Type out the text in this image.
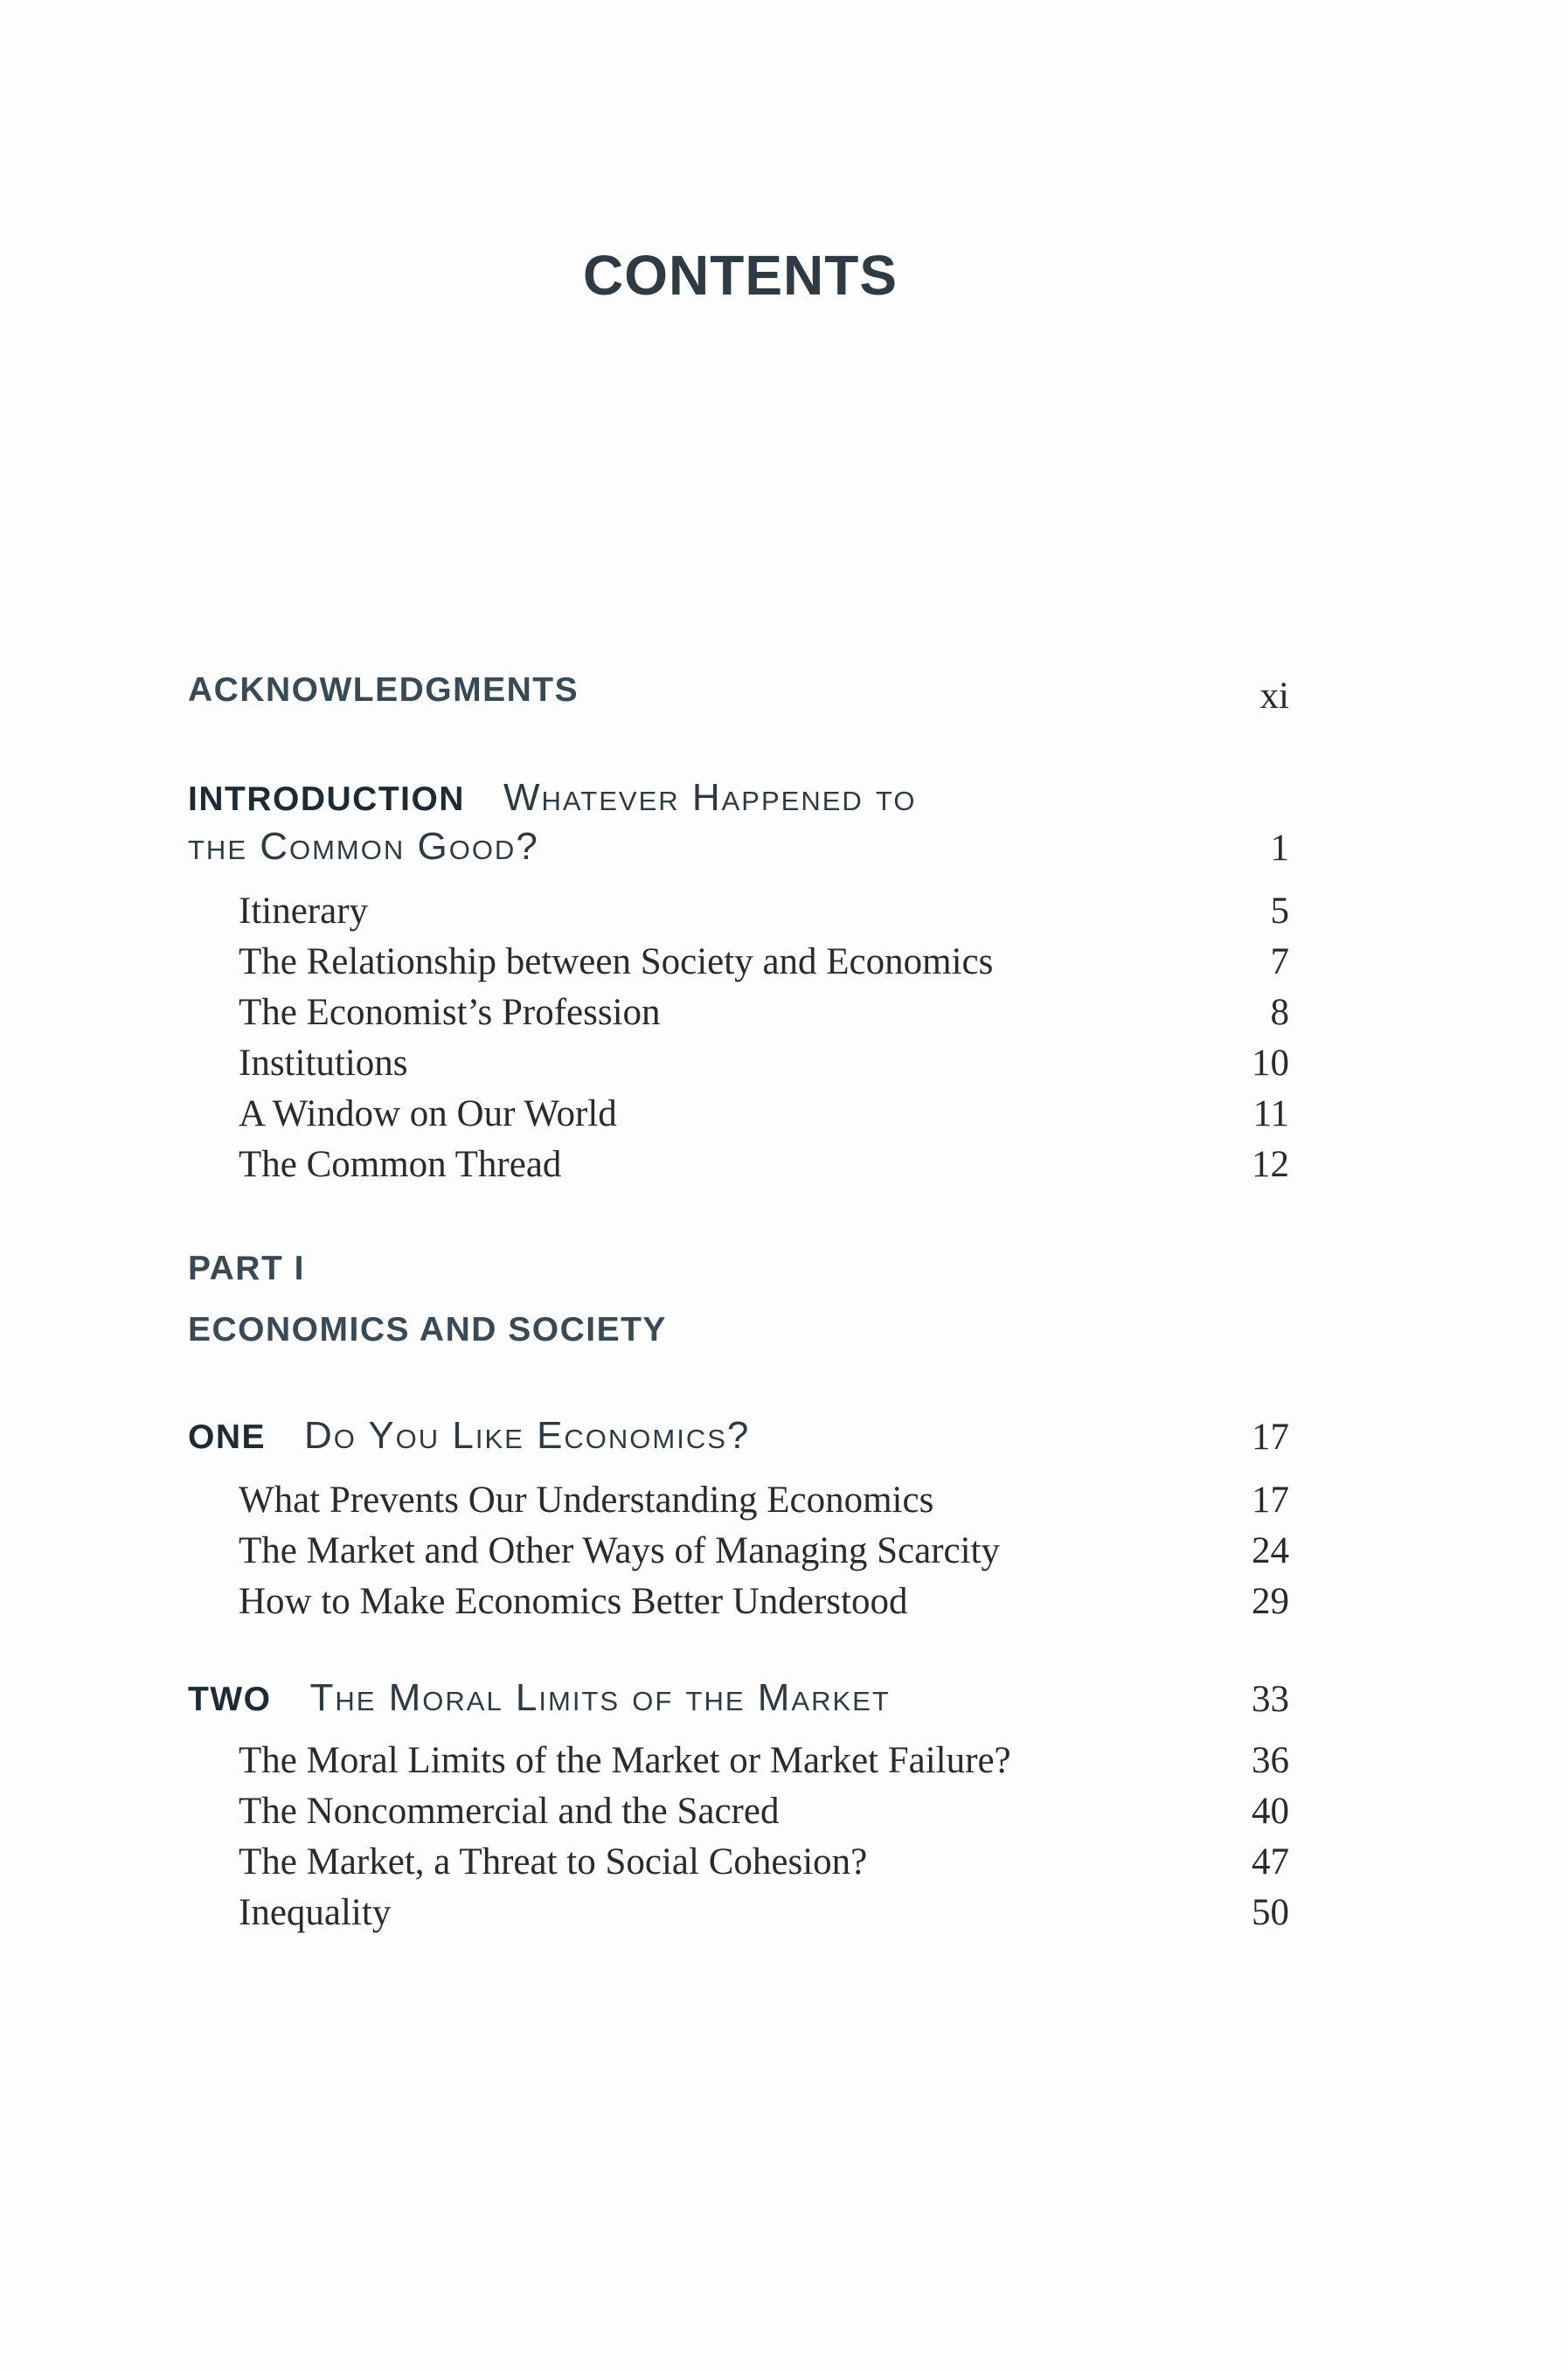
CONTENTS
ACKNOWLEDGMENTS	xi
INTRODUCTION Whatever Happened to
the Common Good?	1
Itinerary	5
The Relationship between Society and Economics	7
The Economist’s Profession	8
Institutions	10
A Window on Our World	11
The Common Thread	12
PART I
ECONOMICS AND SOCIETY
ONE Do You Like Economics?	17
What Prevents Our Understanding Economics	17
The Market and Other Ways of Managing Scarcity	24
How to Make Economics Better Understood	29
TWO The Moral Limits of the Market	33
The Moral Limits of the Market or Market Failure?	36
The Noncommercial and the Sacred	40
The Market, a Threat to Social Cohesion?	47
Inequality	50
